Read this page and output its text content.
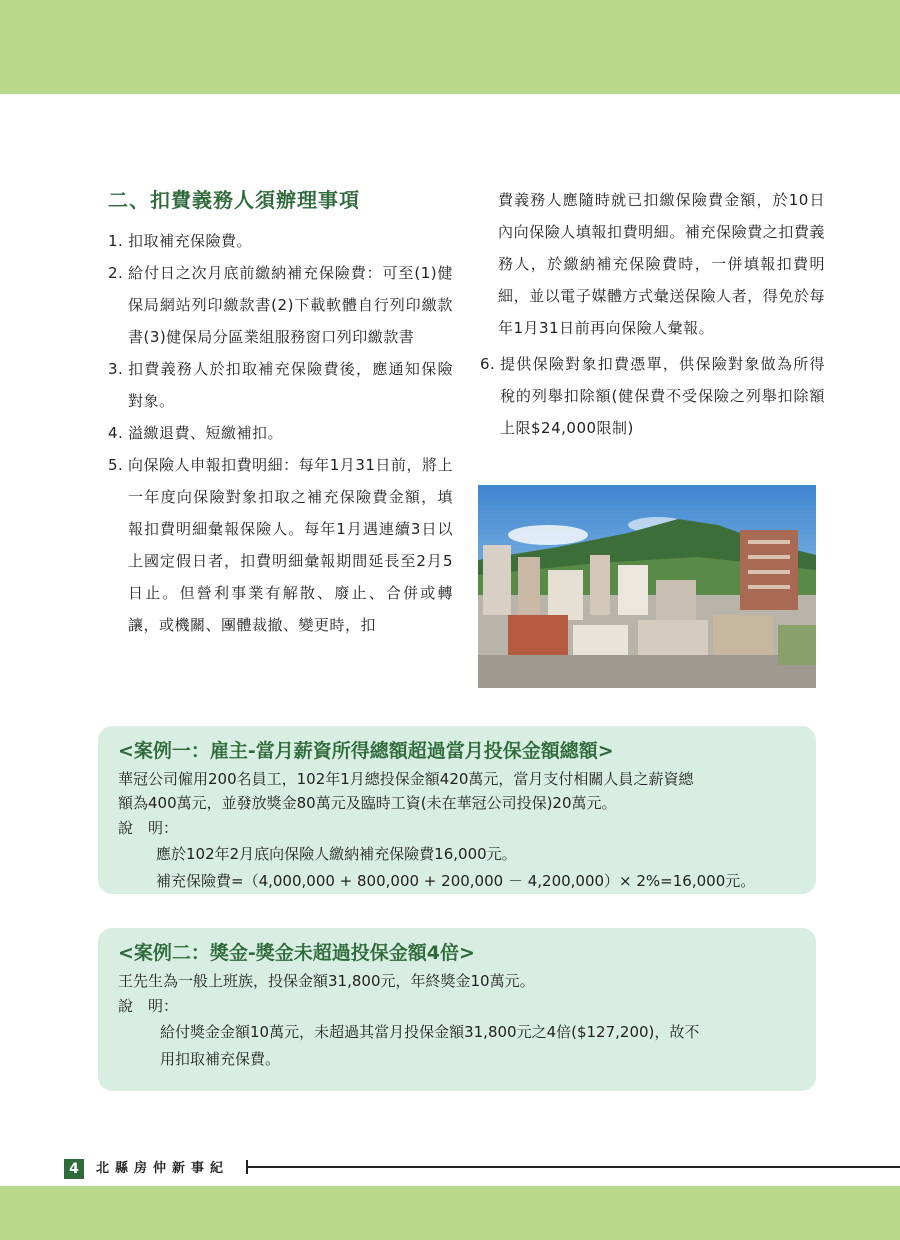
二、扣費義務人須辦理事項
1. 扣取補充保險費。
2. 給付日之次月底前繳納補充保險費：可至(1)健保局網站列印繳款書(2)下載軟體自行列印繳款書(3)健保局分區業組服務窗口列印繳款書
3. 扣費義務人於扣取補充保險費後，應通知保險對象。
4. 溢繳退費、短繳補扣。
5. 向保險人申報扣費明細：每年1月31日前，將上一年度向保險對象扣取之補充保險費金額，填報扣費明細彙報保險人。每年1月遇連續3日以上國定假日者，扣費明細彙報期間延長至2月5日止。但營利事業有解散、廢止、合併或轉讓，或機關、團體裁撤、變更時，扣
費義務人應隨時就已扣繳保險費金額，於10日內向保險人填報扣費明細。補充保險費之扣費義務人，於繳納補充保險費時，一併填報扣費明細，並以電子媒體方式彙送保險人者，得免於每年1月31日前再向保險人彙報。
6. 提供保險對象扣費憑單，供保險對象做為所得稅的列舉扣除額(健保費不受保險之列舉扣除額上限$24,000限制)
<案例一：雇主-當月薪資所得總額超過當月投保金額總額>
華冠公司僱用200名員工，102年1月總投保金額420萬元，當月支付相關人員之薪資總
額為400萬元，並發放獎金80萬元及臨時工資(未在華冠公司投保)20萬元。
說　明：
應於102年2月底向保險人繳納補充保險費16,000元。
補充保險費=（4,000,000 + 800,000 + 200,000 － 4,200,000）× 2%=16,000元。
<案例二：獎金-獎金未超過投保金額4倍>
王先生為一般上班族，投保金額31,800元，年終獎金10萬元。
說　明：
給付獎金金額10萬元，未超過其當月投保金額31,800元之4倍($127,200)，故不
用扣取補充保費。
4	北縣房仲新事紀
